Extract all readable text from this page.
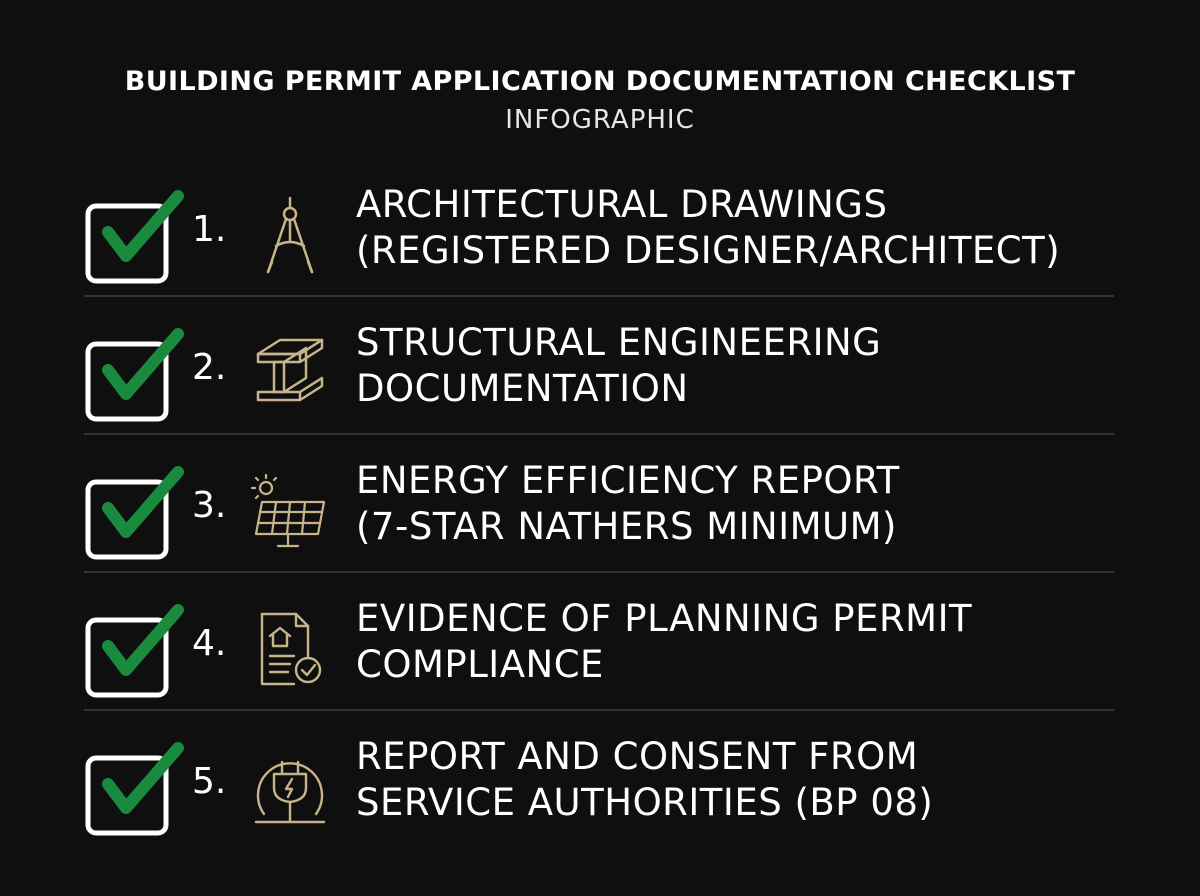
BUILDING PERMIT APPLICATION DOCUMENTATION CHECKLIST
INFOGRAPHIC
1.
ARCHITECTURAL DRAWINGS
(REGISTERED DESIGNER/ARCHITECT)
2.
STRUCTURAL ENGINEERING
DOCUMENTATION
3.
ENERGY EFFICIENCY REPORT
(7-STAR NATHERS MINIMUM)
4.
EVIDENCE OF PLANNING PERMIT
COMPLIANCE
5.
REPORT AND CONSENT FROM
SERVICE AUTHORITIES (BP 08)
